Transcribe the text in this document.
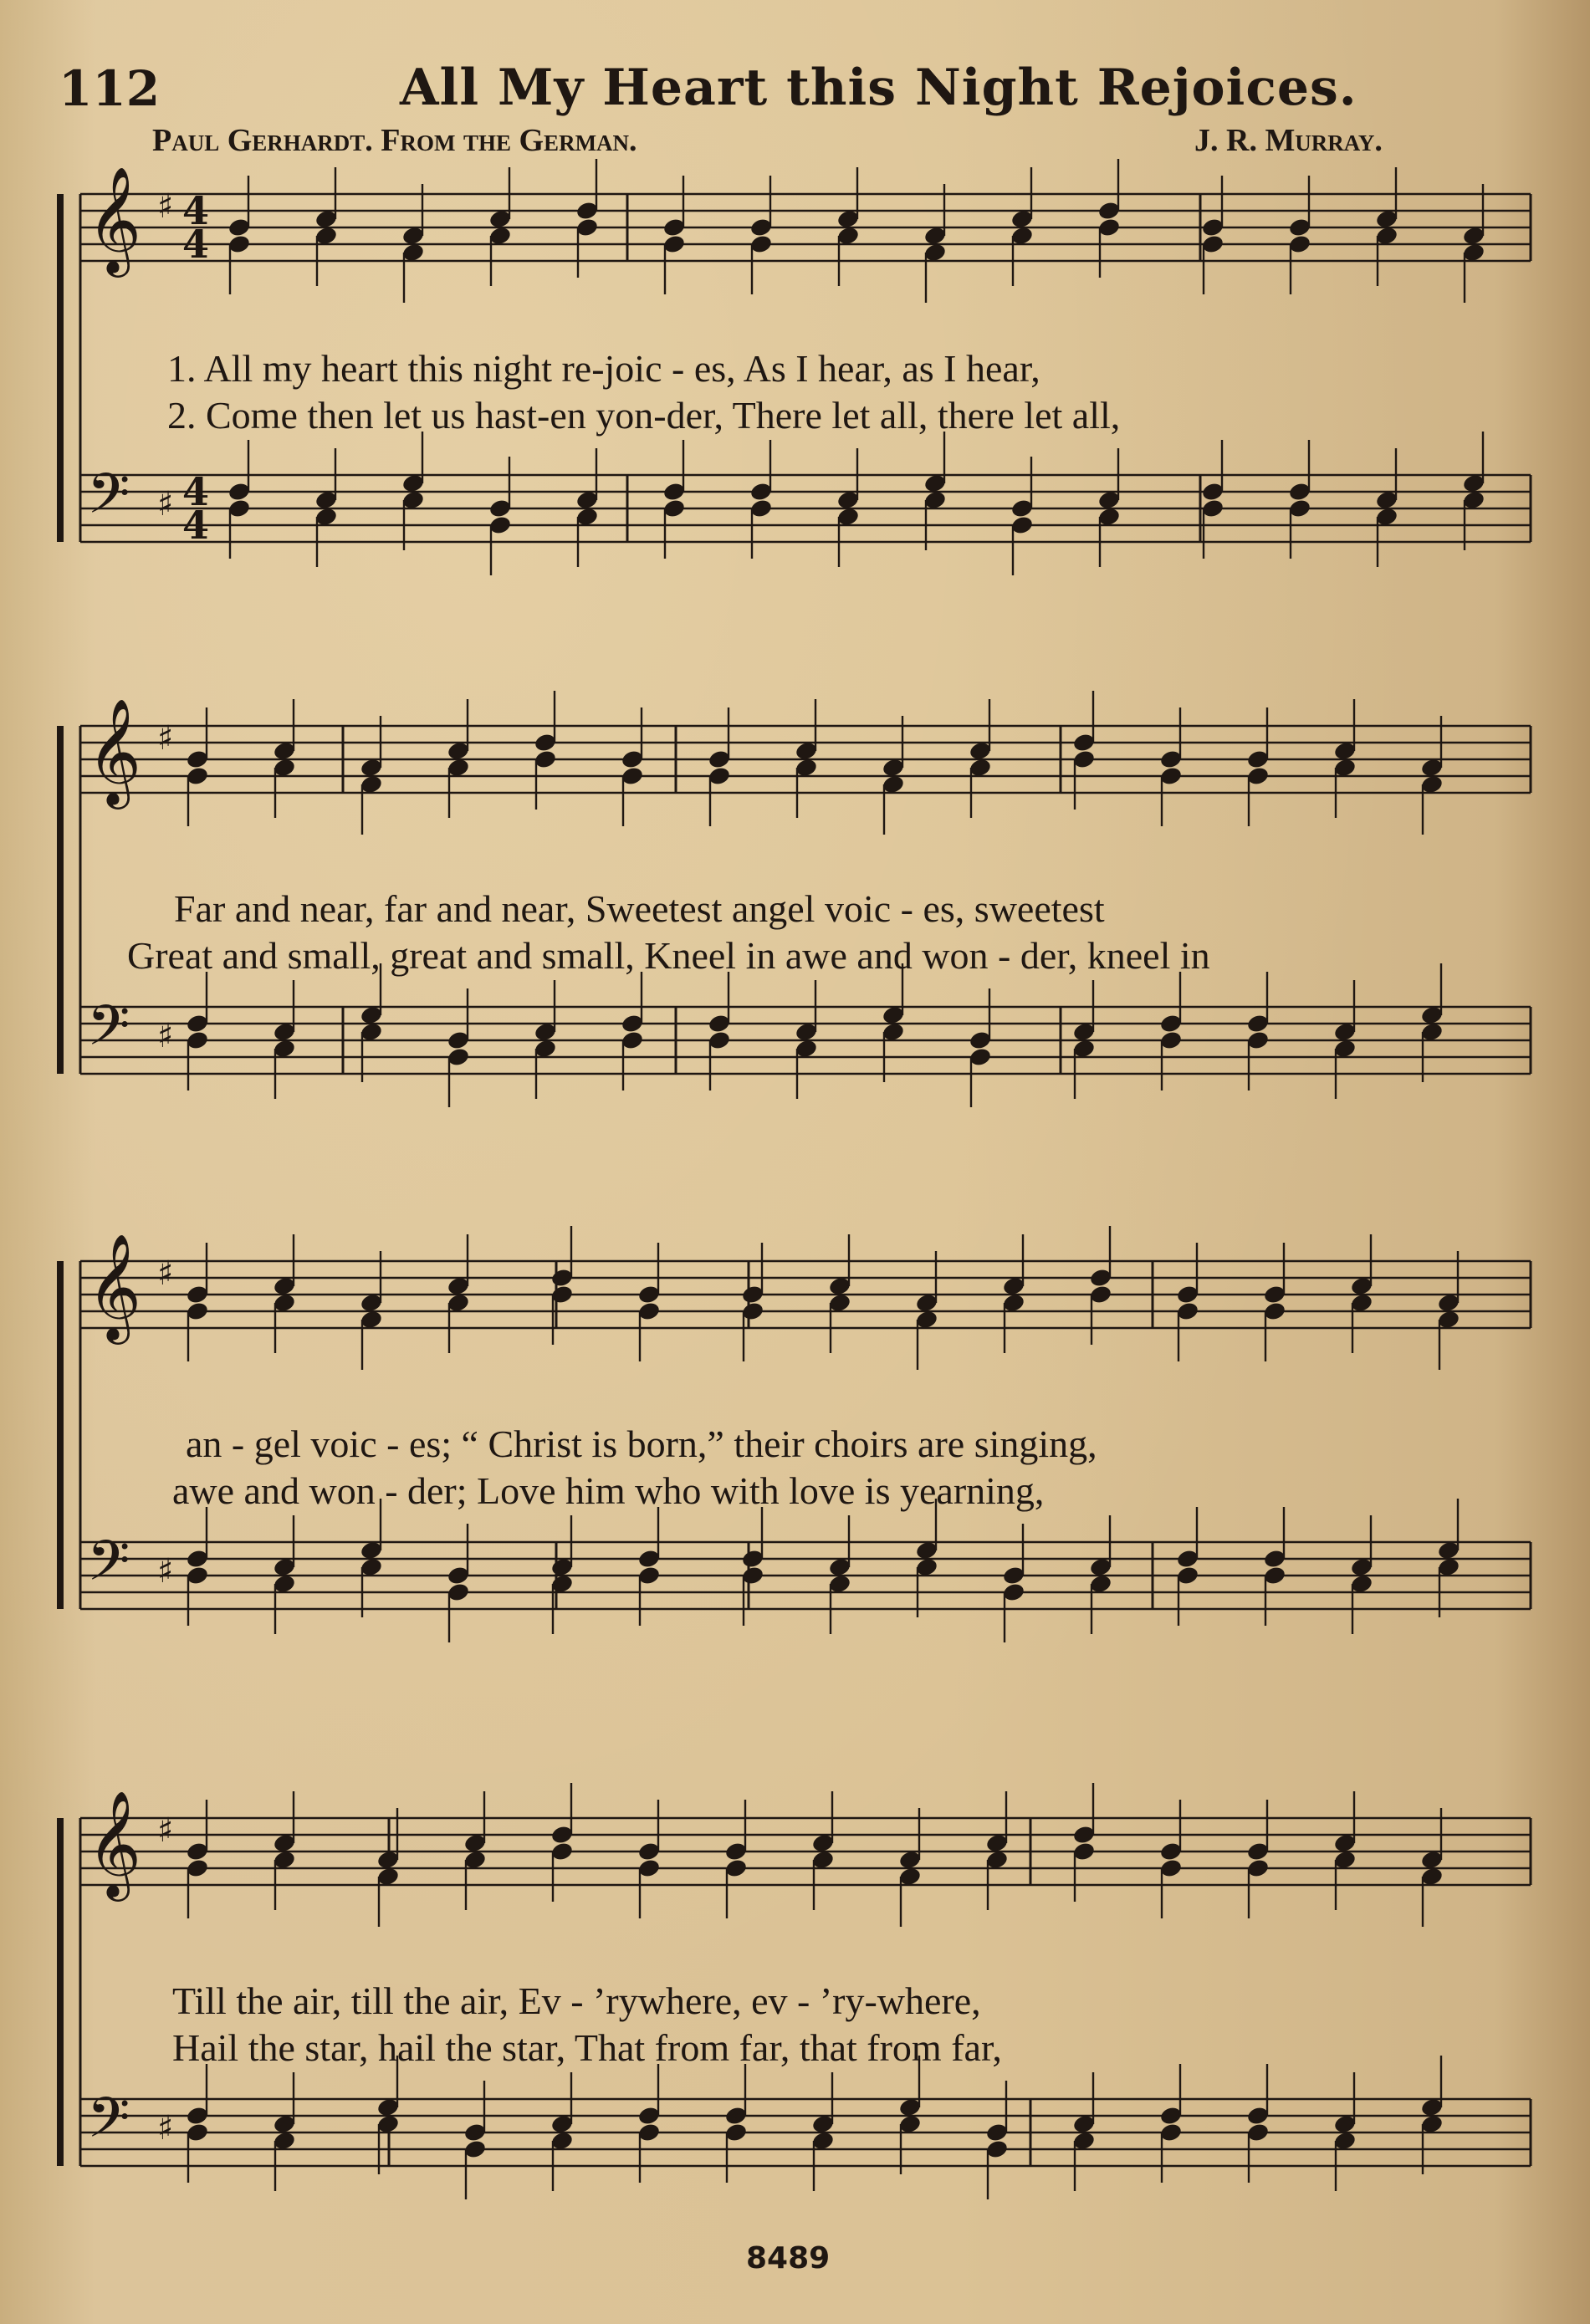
112	All My Heart this Night Rejoices.
Paul Gerhardt. From the German.	J. R. Murray.
𝄞 ♯ 4
4
𝄢 ♯ 4
4
𝄞 ♯
𝄢 ♯
𝄞 ♯
𝄢 ♯
𝄞 ♯
𝄢 ♯
1. All my heart this night re-joic - es, As I hear, as I hear,
2. Come then let us hast-en yon-der, There let all, there let all,
Far and near, far and near, Sweetest angel voic - es, sweetest
Great and small, great and small, Kneel in awe and won - der, kneel in
an - gel voic - es; “ Christ is born,” their choirs are singing,
awe and won - der; Love him who with love is yearning,
Till the air, till the air, Ev - ’rywhere, ev - ’ry-where,
Hail the star, hail the star, That from far, that from far,
8489
